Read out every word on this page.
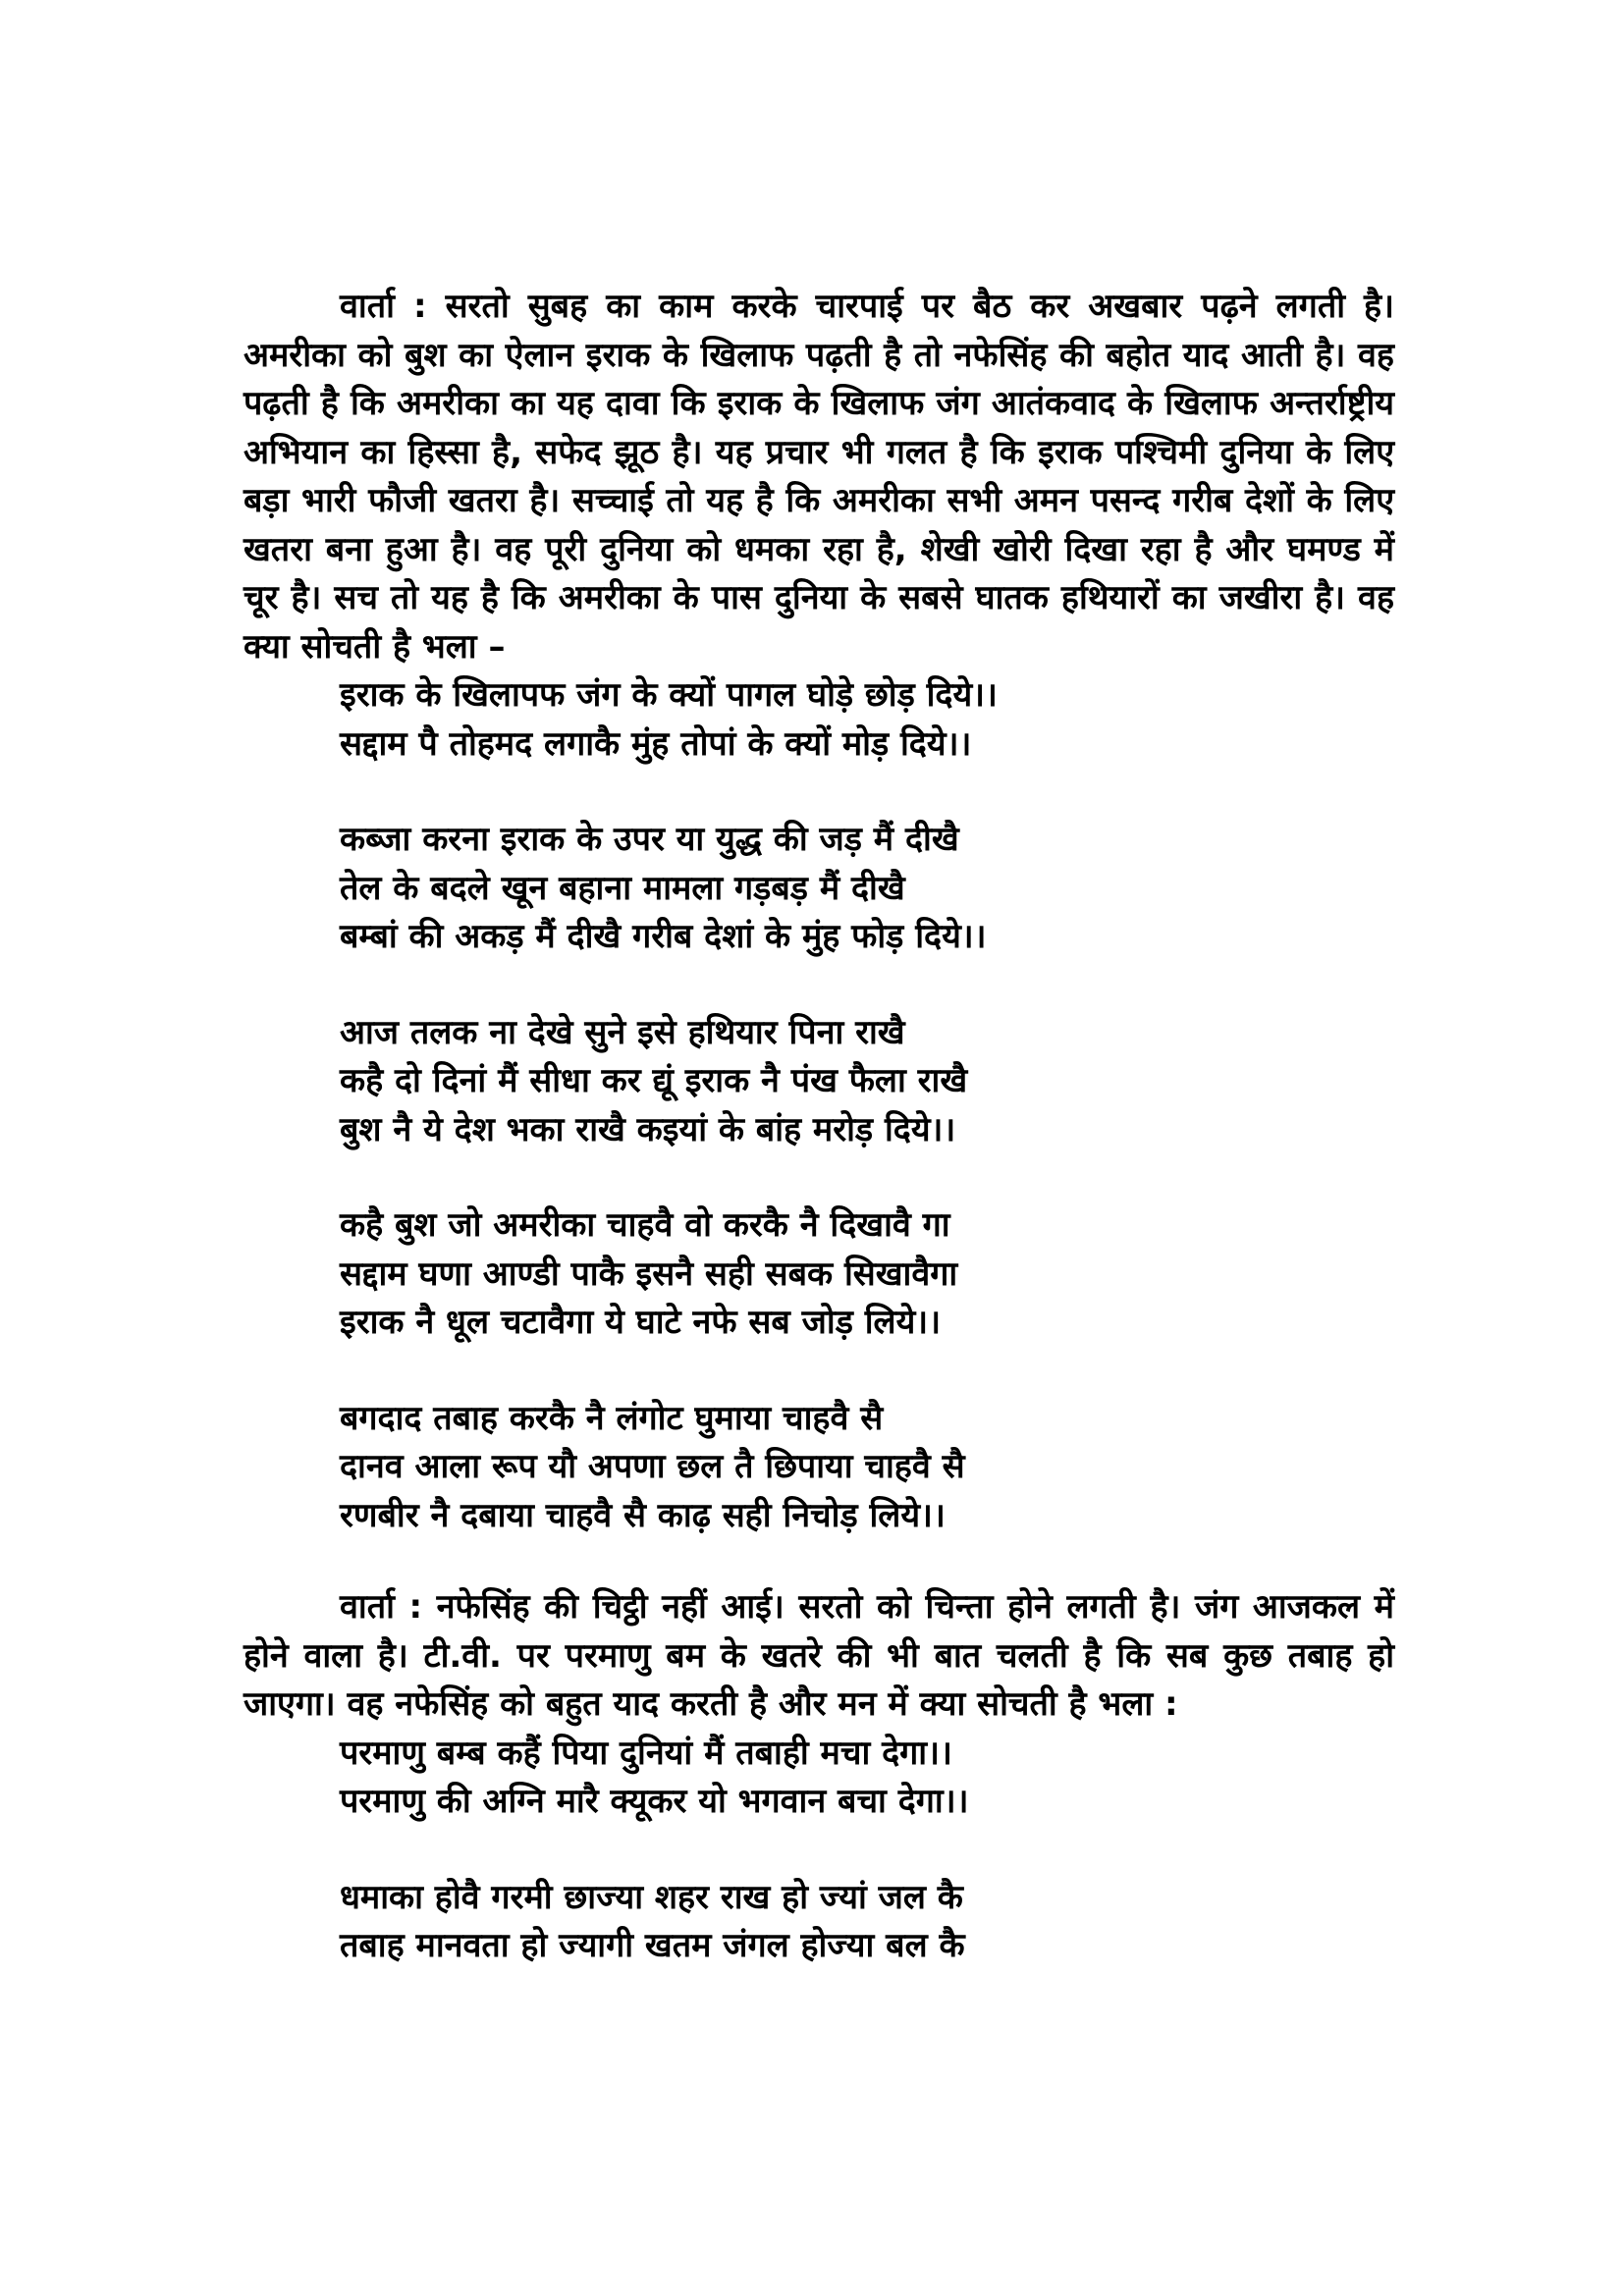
वार्ता : सरतो सुबह का काम करके चारपाई पर बैठ कर अखबार पढ़ने लगती है। अमरीका को बुश का ऐलान इराक के खिलाफ पढ़ती है तो नफेसिंह की बहोत याद आती है। वह पढ़ती है कि अमरीका का यह दावा कि इराक के खिलाफ जंग आतंकवाद के खिलाफ अन्तर्राष्ट्रीय अभियान का हिस्सा है, सफेद झूठ है। यह प्रचार भी गलत है कि इराक पश्चिमी दुनिया के लिए बड़ा भारी फौजी खतरा है। सच्चाई तो यह है कि अमरीका सभी अमन पसन्द गरीब देशों के लिए खतरा बना हुआ है। वह पूरी दुनिया को धमका रहा है, शेखी खोरी दिखा रहा है और घमण्ड में चूर है। सच तो यह है कि अमरीका के पास दुनिया के सबसे घातक हथियारों का जखीरा है। वह क्या सोचती है भला –

इराक के खिलापफ जंग के क्यों पागल घोड़े छोड़ दिये।।
सद्दाम पै तोहमद लगाकै मुंह तोपां के क्यों मोड़ दिये।।
कब्जा करना इराक के उपर या युद्ध की जड़ मैं दीखै
तेल के बदले खून बहाना मामला गड़बड़ मैं दीखै
बम्बां की अकड़ मैं दीखै गरीब देशां के मुंह फोड़ दिये।।
आज तलक ना देखे सुने इसे हथियार पिना राखै
कहै दो दिनां मैं सीधा कर द्यूं इराक नै पंख फैला राखै
बुश नै ये देश भका राखै कइयां के बांह मरोड़ दिये।।
कहै बुश जो अमरीका चाहवै वो करकै नै दिखावै गा
सद्दाम घणा आण्डी पाकै इसनै सही सबक सिखावैगा
इराक नै धूल चटावैगा ये घाटे नफे सब जोड़ लिये।।
बगदाद तबाह करकै नै लंगोट घुमाया चाहवै सै
दानव आला रूप यौ अपणा छल तै छिपाया चाहवै सै
रणबीर नै दबाया चाहवै सै काढ़ सही निचोड़ लिये।।

वार्ता : नफेसिंह की चिट्ठी नहीं आई। सरतो को चिन्ता होने लगती है। जंग आजकल में होने वाला है। टी.वी. पर परमाणु बम के खतरे की भी बात चलती है कि सब कुछ तबाह हो जाएगा। वह नफेसिंह को बहुत याद करती है और मन में क्या सोचती है भला :

परमाणु बम्ब कहैं पिया दुनियां मैं तबाही मचा देगा।।
परमाणु की अग्नि मारै क्यूकर यो भगवान बचा देगा।।
धमाका होवै गरमी छाज्या शहर राख हो ज्यां जल कै
तबाह मानवता हो ज्यागी खतम जंगल होज्या बल कै
